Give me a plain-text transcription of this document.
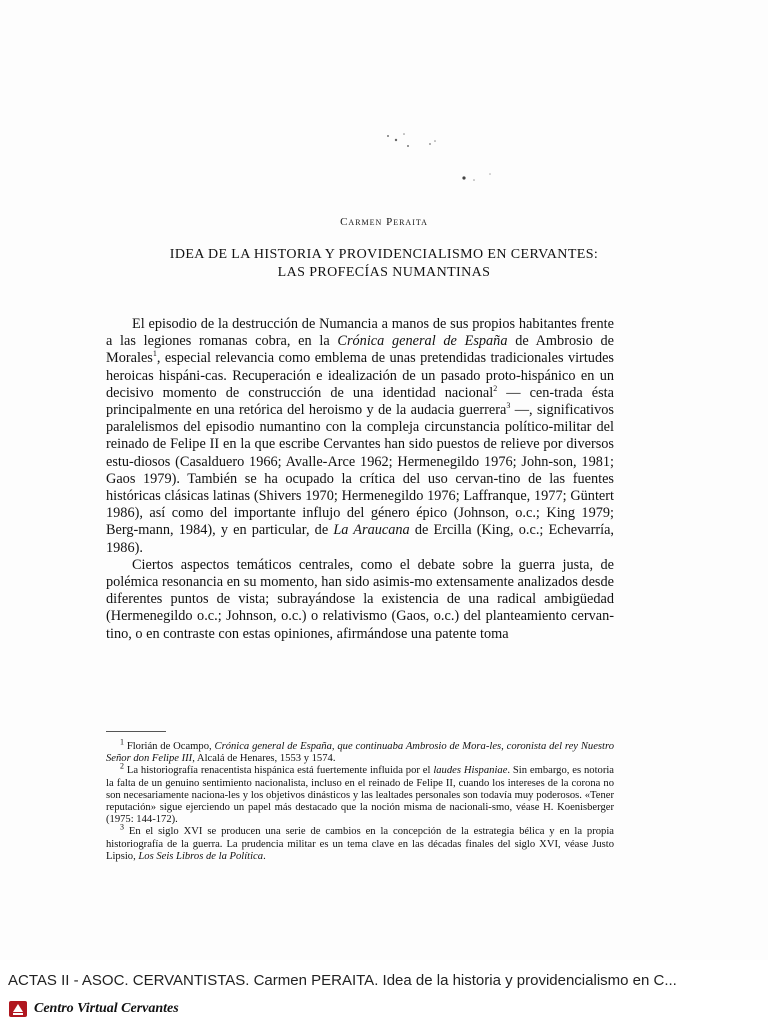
Carmen Peraita
IDEA DE LA HISTORIA Y PROVIDENCIALISMO EN CERVANTES:
LAS PROFECÍAS NUMANTINAS

El episodio de la destrucción de Numancia a manos de sus propios habitantes frente a las legiones romanas cobra, en la Crónica general de España de Ambrosio de Morales$^1$, especial relevancia como emblema de unas pretendidas tradicionales virtudes heroicas hispáni-cas. Recuperación e idealización de un pasado proto-hispánico en un decisivo momento de construcción de una identidad nacional$^2$ — cen-trada ésta principalmente en una retórica del heroismo y de la audacia guerrera$^3$ —, significativos paralelismos del episodio numantino con la compleja circunstancia político-militar del reinado de Felipe II en la que escribe Cervantes han sido puestos de relieve por diversos estu-diosos (Casalduero 1966; Avalle-Arce 1962; Hermenegildo 1976; John-son, 1981; Gaos 1979). También se ha ocupado la crítica del uso cervan-tino de las fuentes históricas clásicas latinas (Shivers 1970; Hermenegildo 1976; Laffranque, 1977; Güntert 1986), así como del importante influjo del género épico (Johnson, o.c.; King 1979; Berg-mann, 1984), y en particular, de La Araucana de Ercilla (King, o.c.; Echevarría, 1986).

Ciertos aspectos temáticos centrales, como el debate sobre la guerra justa, de polémica resonancia en su momento, han sido asimis-mo extensamente analizados desde diferentes puntos de vista; subrayándose la existencia de una radical ambigüedad (Hermenegildo o.c.; Johnson, o.c.) o relativismo (Gaos, o.c.) del planteamiento cervan-tino, o en contraste con estas opiniones, afirmándose una patente toma

$^1$ Florián de Ocampo, Crónica general de España, que continuaba Ambrosio de Mora-les, coronista del rey Nuestro Señor don Felipe III, Alcalá de Henares, 1553 y 1574.

$^2$ La historiografía renacentista hispánica está fuertemente influida por el laudes Hispaniae. Sin embargo, es notoria la falta de un genuino sentimiento nacionalista, incluso en el reinado de Felipe II, cuando los intereses de la corona no son necesariamente naciona-les y los objetivos dinásticos y las lealtades personales son todavía muy poderosos. «Tener reputación» sigue ejerciendo un papel más destacado que la noción misma de nacionali-smo, véase H. Koenisberger (1975: 144-172).

$^3$ En el siglo XVI se producen una serie de cambios en la concepción de la estrategia bélica y en la propia historiografía de la guerra. La prudencia militar es un tema clave en las décadas finales del siglo XVI, véase Justo Lipsio, Los Seis Libros de la Política.

ACTAS II - ASOC. CERVANTISTAS. Carmen PERAITA. Idea de la historia y providencialismo en C...
Centro Virtual Cervantes
